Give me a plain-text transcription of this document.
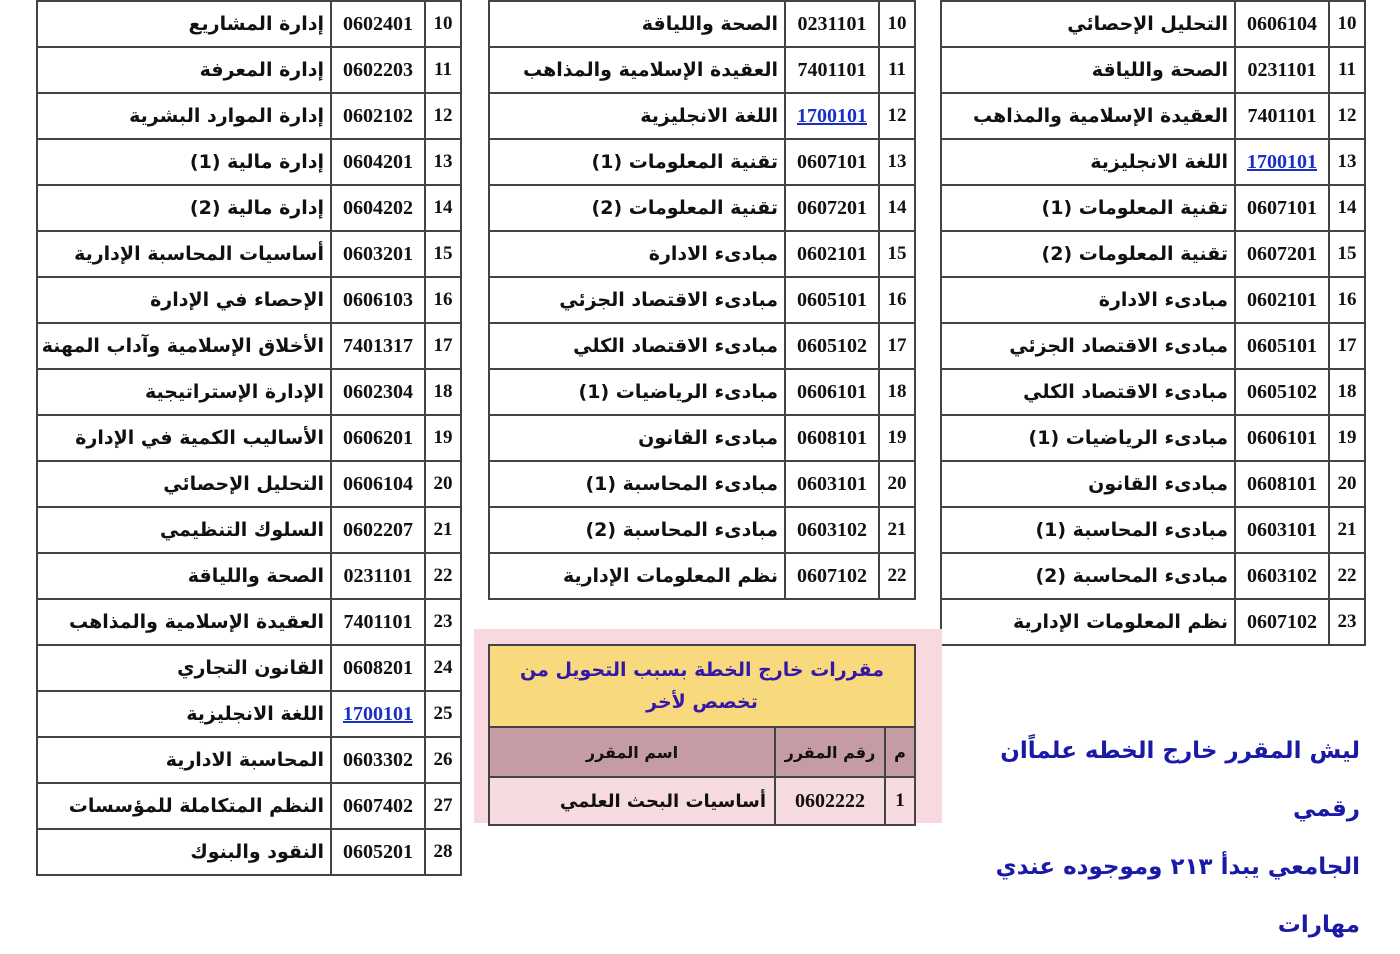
10	0606104	التحليل الإحصائي
11	0231101	الصحة واللياقة
12	7401101	العقيدة الإسلامية والمذاهب
13	1700101	اللغة الانجليزية
14	0607101	تقنية المعلومات (1)
15	0607201	تقنية المعلومات (2)
16	0602101	مبادىء الادارة
17	0605101	مبادىء الاقتصاد الجزئي
18	0605102	مبادىء الاقتصاد الكلي
19	0606101	مبادىء الرياضيات (1)
20	0608101	مبادىء القانون
21	0603101	مبادىء المحاسبة (1)
22	0603102	مبادىء المحاسبة (2)
23	0607102	نظم المعلومات الإدارية
10	0231101	الصحة واللياقة
11	7401101	العقيدة الإسلامية والمذاهب
12	1700101	اللغة الانجليزية
13	0607101	تقنية المعلومات (1)
14	0607201	تقنية المعلومات (2)
15	0602101	مبادىء الادارة
16	0605101	مبادىء الاقتصاد الجزئي
17	0605102	مبادىء الاقتصاد الكلي
18	0606101	مبادىء الرياضيات (1)
19	0608101	مبادىء القانون
20	0603101	مبادىء المحاسبة (1)
21	0603102	مبادىء المحاسبة (2)
22	0607102	نظم المعلومات الإدارية
10	0602401	إدارة المشاريع
11	0602203	إدارة المعرفة
12	0602102	إدارة الموارد البشرية
13	0604201	إدارة مالية (1)
14	0604202	إدارة مالية (2)
15	0603201	أساسيات المحاسبة الإدارية
16	0606103	الإحصاء في الإدارة
17	7401317	الأخلاق الإسلامية وآداب المهنة
18	0602304	الإدارة الإستراتيجية
19	0606201	الأساليب الكمية في الإدارة
20	0606104	التحليل الإحصائي
21	0602207	السلوك التنظيمي
22	0231101	الصحة واللياقة
23	7401101	العقيدة الإسلامية والمذاهب
24	0608201	القانون التجاري
25	1700101	اللغة الانجليزية
26	0603302	المحاسبة الادارية
27	0607402	النظم المتكاملة للمؤسسات
28	0605201	النقود والبنوك
مقررات خارج الخطة بسبب التحويل من تخصص لأخر		
م	رقم المقرر	اسم المقرر
1	0602222	أساسيات البحث العلمي
ليش المقرر خارج الخطه علماًان رقمي
الجامعي يبدأ ٢١٣ وموجوده عندي مهارات
